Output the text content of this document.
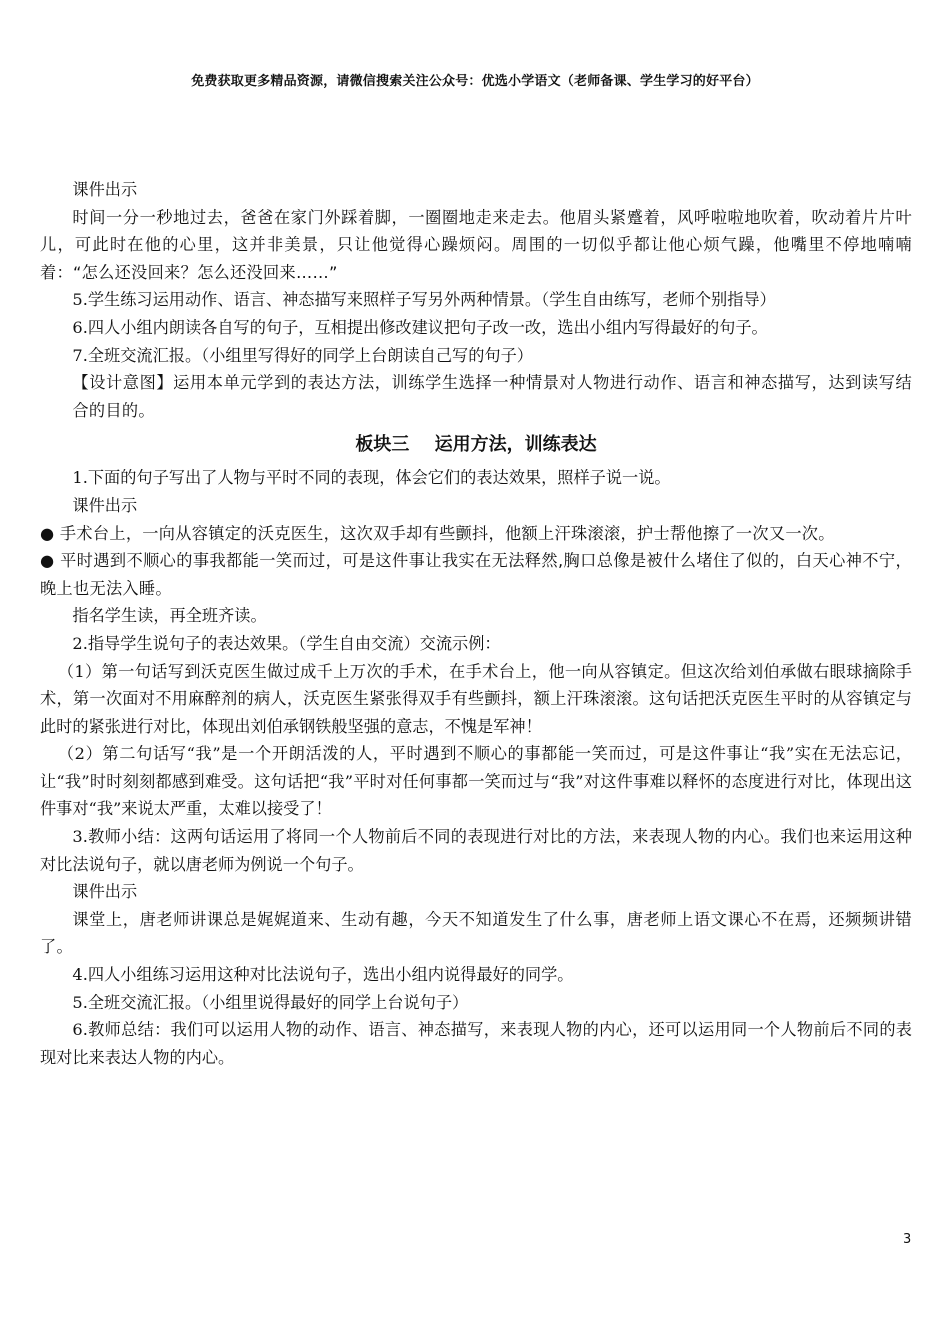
免费获取更多精品资源，请微信搜索关注公众号：优选小学语文（老师备课、学生学习的好平台）

课件出示

时间一分一秒地过去，爸爸在家门外踩着脚，一圈圈地走来走去。他眉头紧蹙着，风呼啦啦地吹着，吹动着片片叶儿，可此时在他的心里，这并非美景，只让他觉得心躁烦闷。周围的一切似乎都让他心烦气躁，他嘴里不停地喃喃着：“怎么还没回来？怎么还没回来……”

5.学生练习运用动作、语言、神态描写来照样子写另外两种情景。（学生自由练写，老师个别指导）

6.四人小组内朗读各自写的句子，互相提出修改建议把句子改一改，选出小组内写得最好的句子。

7.全班交流汇报。（小组里写得好的同学上台朗读自己写的句子）

【设计意图】运用本单元学到的表达方法，训练学生选择一种情景对人物进行动作、语言和神态描写，达到读写结合的目的。

板块三 运用方法，训练表达

1.下面的句子写出了人物与平时不同的表现，体会它们的表达效果，照样子说一说。

课件出示

● 手术台上，一向从容镇定的沃克医生，这次双手却有些颤抖，他额上汗珠滚滚，护士帮他擦了一次又一次。

● 平时遇到不顺心的事我都能一笑而过，可是这件事让我实在无法释然,胸口总像是被什么堵住了似的，白天心神不宁，晚上也无法入睡。

指名学生读，再全班齐读。

2.指导学生说句子的表达效果。（学生自由交流）交流示例：

（1）第一句话写到沃克医生做过成千上万次的手术，在手术台上，他一向从容镇定。但这次给刘伯承做右眼球摘除手术，第一次面对不用麻醉剂的病人，沃克医生紧张得双手有些颤抖，额上汗珠滚滚。这句话把沃克医生平时的从容镇定与此时的紧张进行对比，体现出刘伯承钢铁般坚强的意志，不愧是军神！

（2）第二句话写“我”是一个开朗活泼的人，平时遇到不顺心的事都能一笑而过，可是这件事让“我”实在无法忘记，让“我”时时刻刻都感到难受。这句话把“我”平时对任何事都一笑而过与“我”对这件事难以释怀的态度进行对比，体现出这件事对“我”来说太严重，太难以接受了！

3.教师小结：这两句话运用了将同一个人物前后不同的表现进行对比的方法，来表现人物的内心。我们也来运用这种对比法说句子，就以唐老师为例说一个句子。

课件出示

课堂上，唐老师讲课总是娓娓道来、生动有趣，今天不知道发生了什么事，唐老师上语文课心不在焉，还频频讲错了。

4.四人小组练习运用这种对比法说句子，选出小组内说得最好的同学。

5.全班交流汇报。（小组里说得最好的同学上台说句子）

6.教师总结：我们可以运用人物的动作、语言、神态描写，来表现人物的内心，还可以运用同一个人物前后不同的表现对比来表达人物的内心。

3
